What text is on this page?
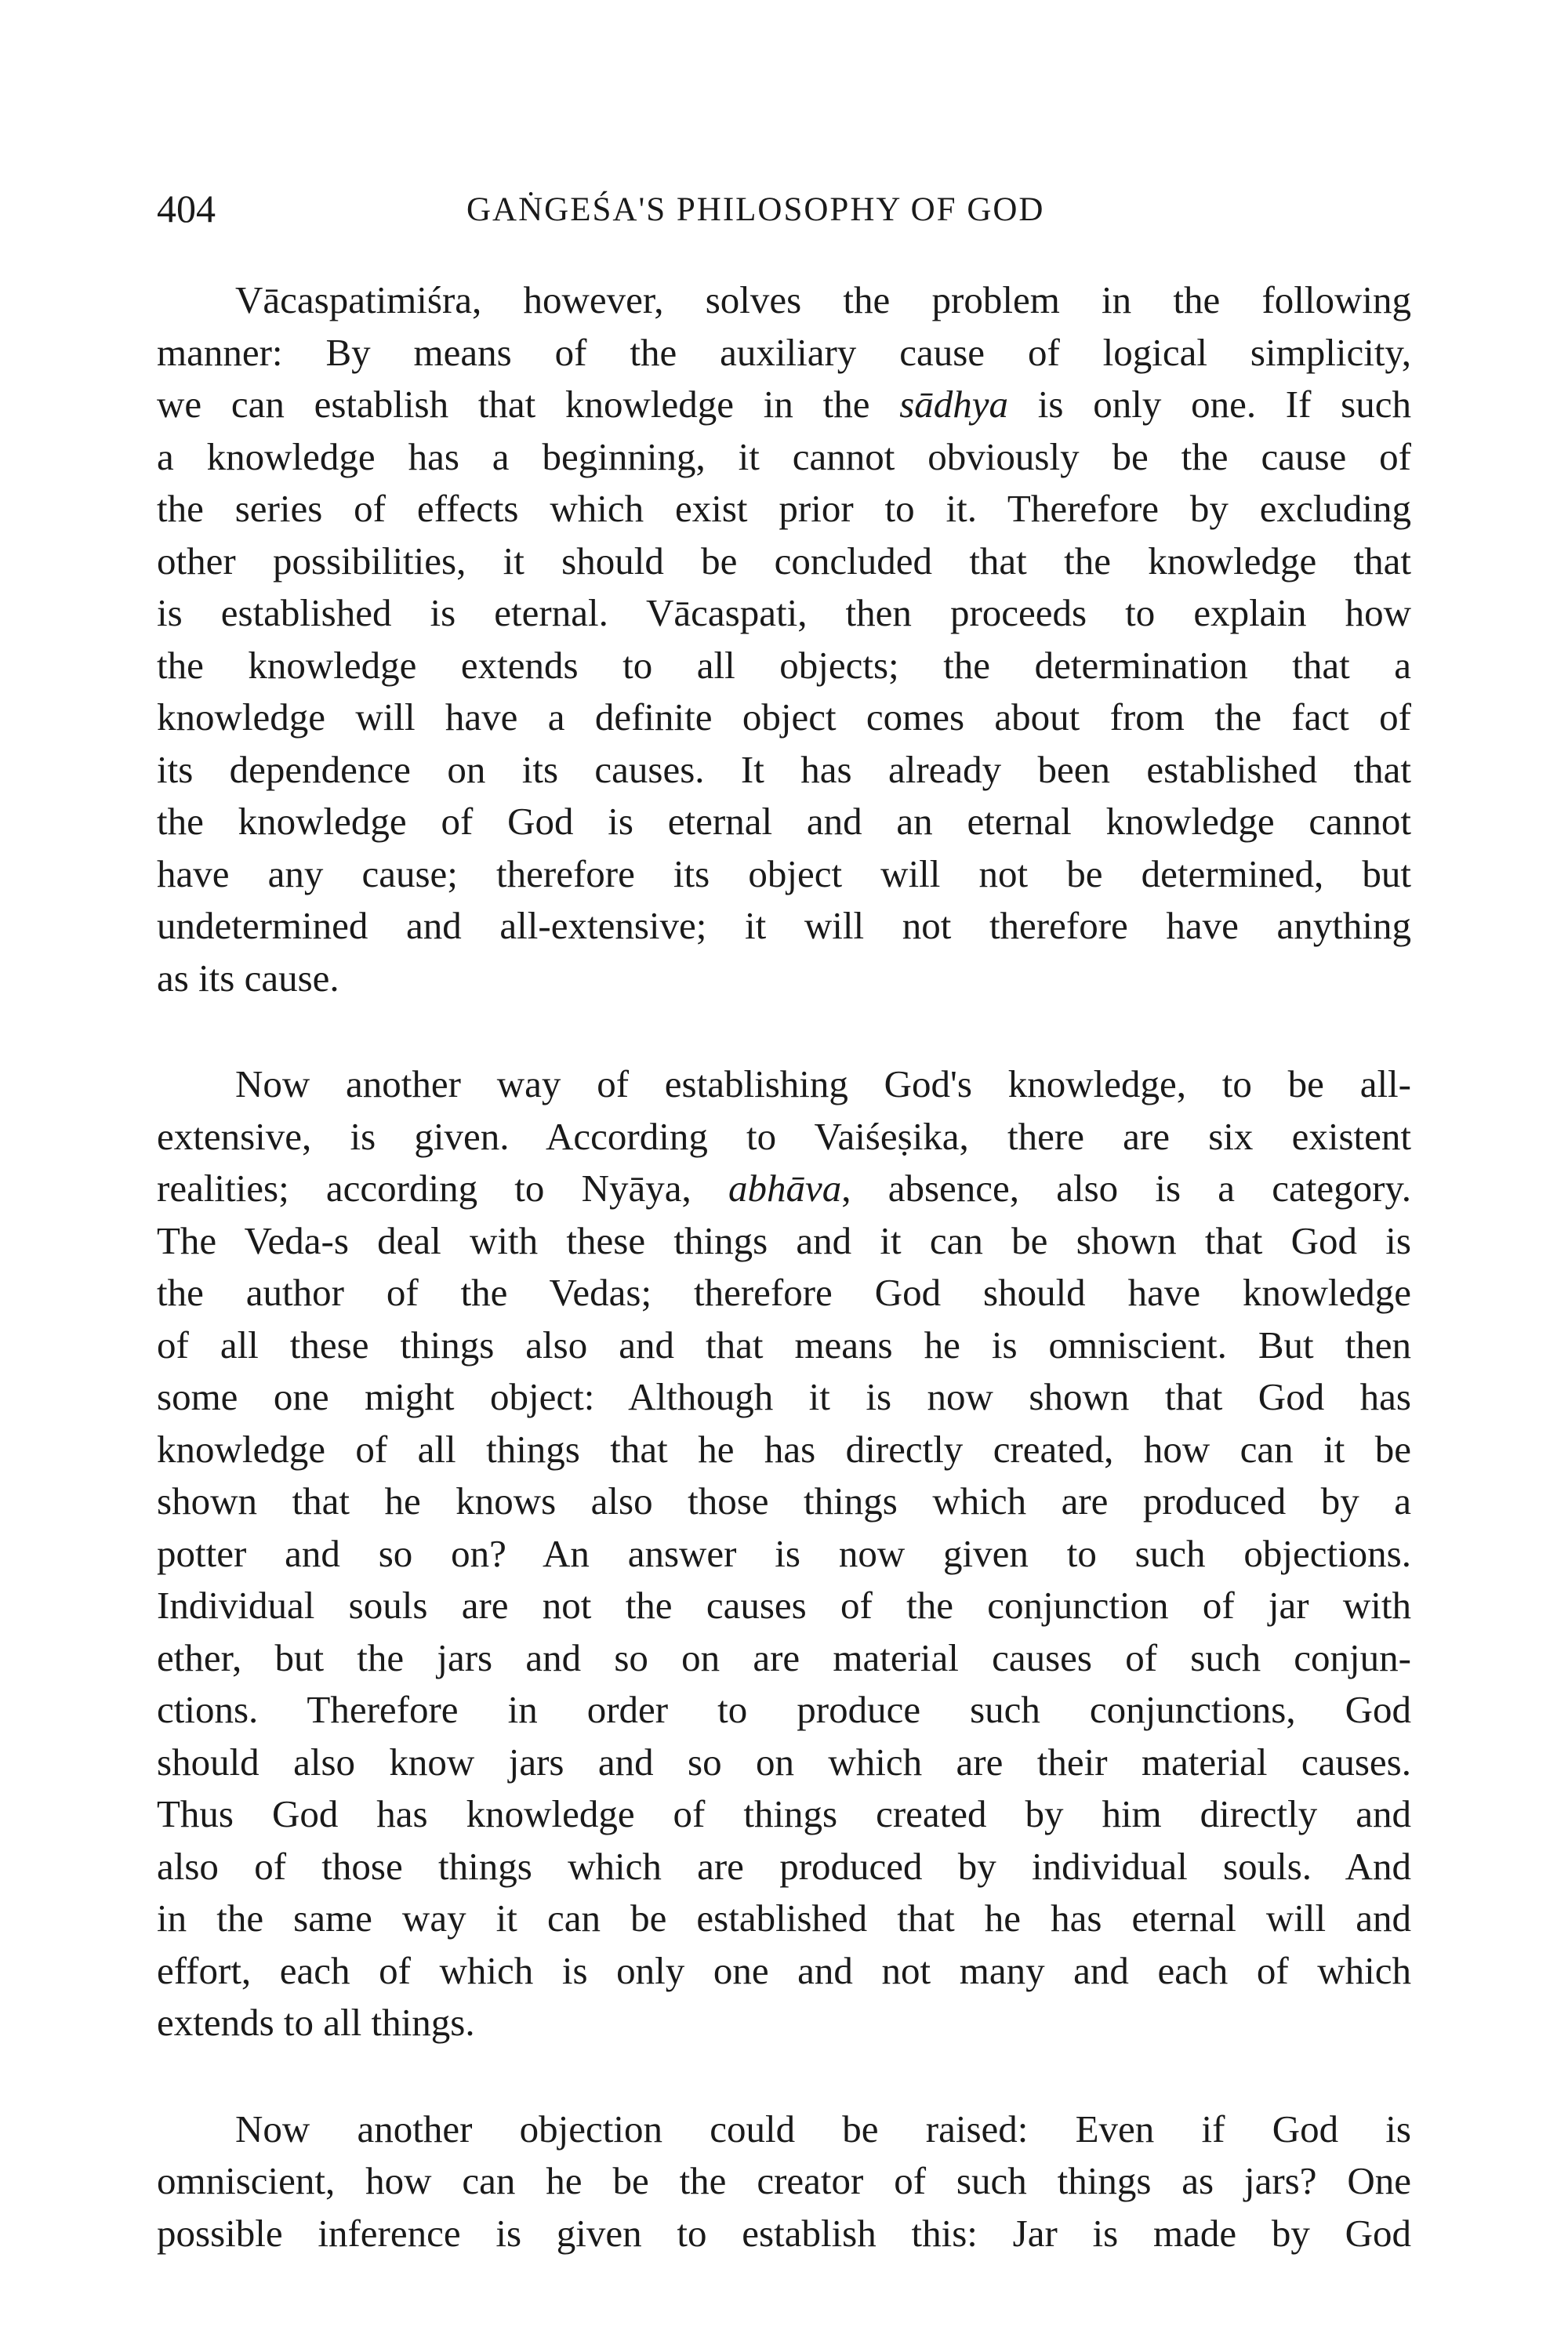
404	GAṄGEŚA'S PHILOSOPHY OF GOD
Vācaspatimiśra, however, solves the problem in the following
manner: By means of the auxiliary cause of logical simplicity,
we can establish that knowledge in the sādhya is only one. If such
a knowledge has a beginning, it cannot obviously be the cause of
the series of effects which exist prior to it. Therefore by excluding
other possibilities, it should be concluded that the knowledge that
is established is eternal. Vācaspati, then proceeds to explain how
the knowledge extends to all objects; the determination that a
knowledge will have a definite object comes about from the fact of
its dependence on its causes. It has already been established that
the knowledge of God is eternal and an eternal knowledge cannot
have any cause; therefore its object will not be determined, but
undetermined and all-extensive; it will not therefore have anything
as its cause.
Now another way of establishing God's knowledge, to be all-
extensive, is given. According to Vaiśeṣika, there are six existent
realities; according to Nyāya, abhāva, absence, also is a category.
The Veda-s deal with these things and it can be shown that God is
the author of the Vedas; therefore God should have knowledge
of all these things also and that means he is omniscient. But then
some one might object: Although it is now shown that God has
knowledge of all things that he has directly created, how can it be
shown that he knows also those things which are produced by a
potter and so on? An answer is now given to such objections.
Individual souls are not the causes of the conjunction of jar with
ether, but the jars and so on are material causes of such conjun-
ctions. Therefore in order to produce such conjunctions, God
should also know jars and so on which are their material causes.
Thus God has knowledge of things created by him directly and
also of those things which are produced by individual souls. And
in the same way it can be established that he has eternal will and
effort, each of which is only one and not many and each of which
extends to all things.
Now another objection could be raised: Even if God is
omniscient, how can he be the creator of such things as jars? One
possible inference is given to establish this: Jar is made by God
